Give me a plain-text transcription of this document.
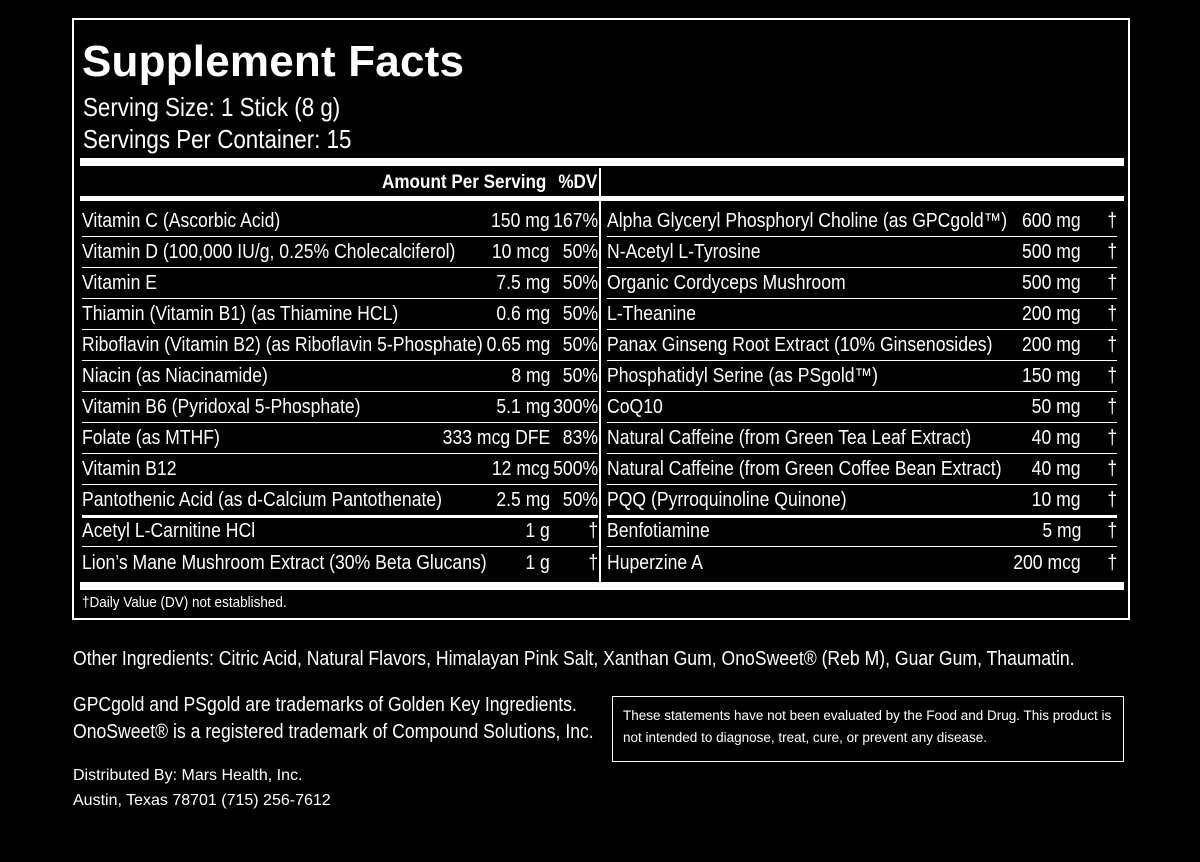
Supplement Facts
Serving Size: 1 Stick (8 g)
Servings Per Container: 15
Amount Per Serving %DV
Vitamin C (Ascorbic Acid)	150 mg 167%
Vitamin D (100,000 IU/g, 0.25% Cholecalciferol) 10 mcg 50%
Vitamin E	7.5 mg 50%
Thiamin (Vitamin B1) (as Thiamine HCL)	0.6 mg 50%
Riboflavin (Vitamin B2) (as Riboflavin 5-Phosphate) 0.65 mg 50%
Niacin (as Niacinamide)	8 mg 50%
Vitamin B6 (Pyridoxal 5-Phosphate)	5.1 mg 300%
Folate (as MTHF)	333 mcg DFE 83%
Vitamin B12	12 mcg 500%
Pantothenic Acid (as d-Calcium Pantothenate)	2.5 mg 50%
Acetyl L-Carnitine HCl	1 g †
Lion’s Mane Mushroom Extract (30% Beta Glucans) 1 g †
Alpha Glyceryl Phosphoryl Choline (as GPCgold™) 600 mg †
N-Acetyl L-Tyrosine	500 mg †
Organic Cordyceps Mushroom	500 mg †
L-Theanine	200 mg †
Panax Ginseng Root Extract (10% Ginsenosides) 200 mg †
Phosphatidyl Serine (as PSgold™)	150 mg †
CoQ10	50 mg †
Natural Caffeine (from Green Tea Leaf Extract)	40 mg †
Natural Caffeine (from Green Coffee Bean Extract) 40 mg †
PQQ (Pyrroquinoline Quinone)	10 mg †
Benfotiamine	5 mg †
Huperzine A	200 mcg †
†Daily Value (DV) not established.
Other Ingredients: Citric Acid, Natural Flavors, Himalayan Pink Salt, Xanthan Gum, OnoSweet® (Reb M), Guar Gum, Thaumatin.
GPCgold and PSgold are trademarks of Golden Key Ingredients.
OnoSweet® is a registered trademark of Compound Solutions, Inc.
Distributed By: Mars Health, Inc.
Austin, Texas 78701 (715) 256-7612
These statements have not been evaluated by the Food and Drug. This product is not intended to diagnose, treat, cure, or prevent any disease.
